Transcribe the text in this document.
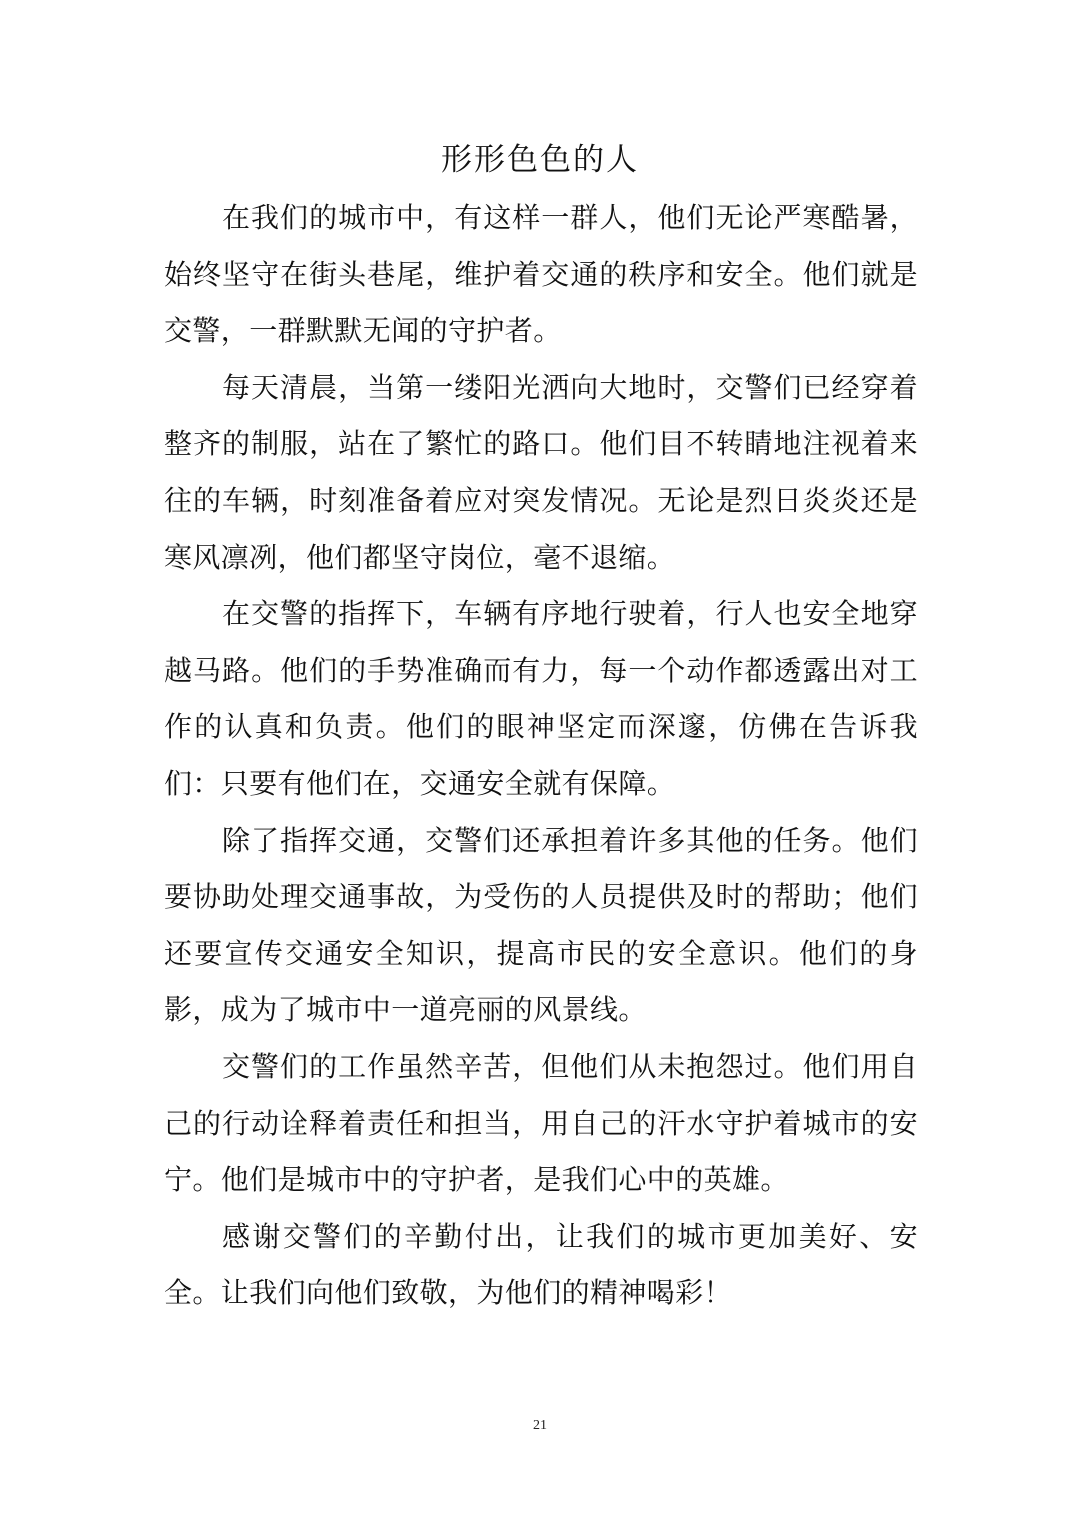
形形色色的人

在我们的城市中，有这样一群人，他们无论严寒酷暑，始终坚守在街头巷尾，维护着交通的秩序和安全。他们就是交警，一群默默无闻的守护者。

每天清晨，当第一缕阳光洒向大地时，交警们已经穿着整齐的制服，站在了繁忙的路口。他们目不转睛地注视着来往的车辆，时刻准备着应对突发情况。无论是烈日炎炎还是寒风凛冽，他们都坚守岗位，毫不退缩。

在交警的指挥下，车辆有序地行驶着，行人也安全地穿越马路。他们的手势准确而有力，每一个动作都透露出对工作的认真和负责。他们的眼神坚定而深邃，仿佛在告诉我们：只要有他们在，交通安全就有保障。

除了指挥交通，交警们还承担着许多其他的任务。他们要协助处理交通事故，为受伤的人员提供及时的帮助；他们还要宣传交通安全知识，提高市民的安全意识。他们的身影，成为了城市中一道亮丽的风景线。

交警们的工作虽然辛苦，但他们从未抱怨过。他们用自己的行动诠释着责任和担当，用自己的汗水守护着城市的安宁。他们是城市中的守护者，是我们心中的英雄。

感谢交警们的辛勤付出，让我们的城市更加美好、安全。让我们向他们致敬，为他们的精神喝彩！

21
